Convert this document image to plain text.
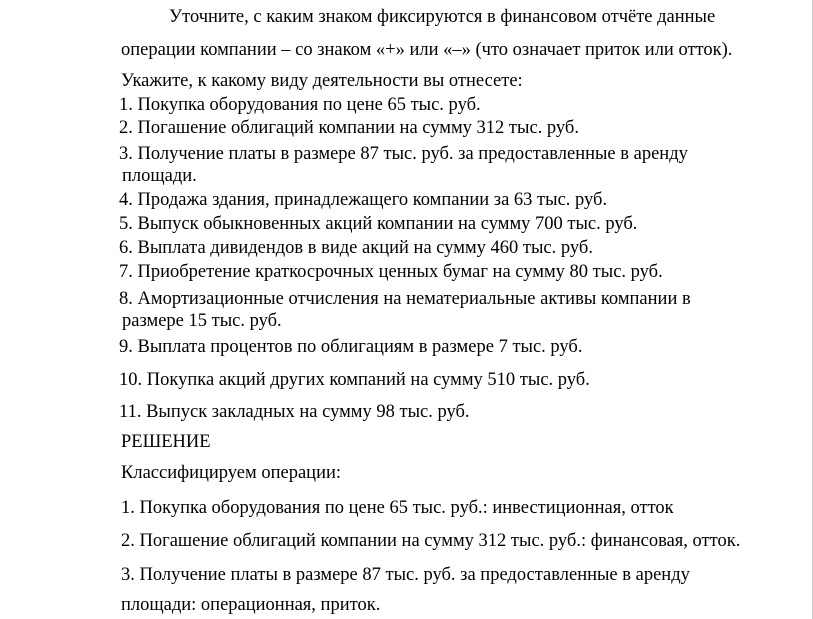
Уточните, с каким знаком фиксируются в финансовом отчёте данные

операции компании – со знаком «+» или «–» (что означает приток или отток).

Укажите, к какому виду деятельности вы отнесете:

1. Покупка оборудования по цене 65 тыс. руб.

2. Погашение облигаций компании на сумму 312 тыс. руб.

3. Получение платы в размере 87 тыс. руб. за предоставленные в аренду

площади.

4. Продажа здания, принадлежащего компании за 63 тыс. руб.

5. Выпуск обыкновенных акций компании на сумму 700 тыс. руб.

6. Выплата дивидендов в виде акций на сумму 460 тыс. руб.

7. Приобретение краткосрочных ценных бумаг на сумму 80 тыс. руб.

8. Амортизационные отчисления на нематериальные активы компании в

размере 15 тыс. руб.

9. Выплата процентов по облигациям в размере 7 тыс. руб.

10. Покупка акций других компаний на сумму 510 тыс. руб.

11. Выпуск закладных на сумму 98 тыс. руб.

РЕШЕНИЕ

Классифицируем операции:

1. Покупка оборудования по цене 65 тыс. руб.: инвестиционная, отток

2. Погашение облигаций компании на сумму 312 тыс. руб.: финансовая, отток.

3. Получение платы в размере 87 тыс. руб. за предоставленные в аренду

площади: операционная, приток.
